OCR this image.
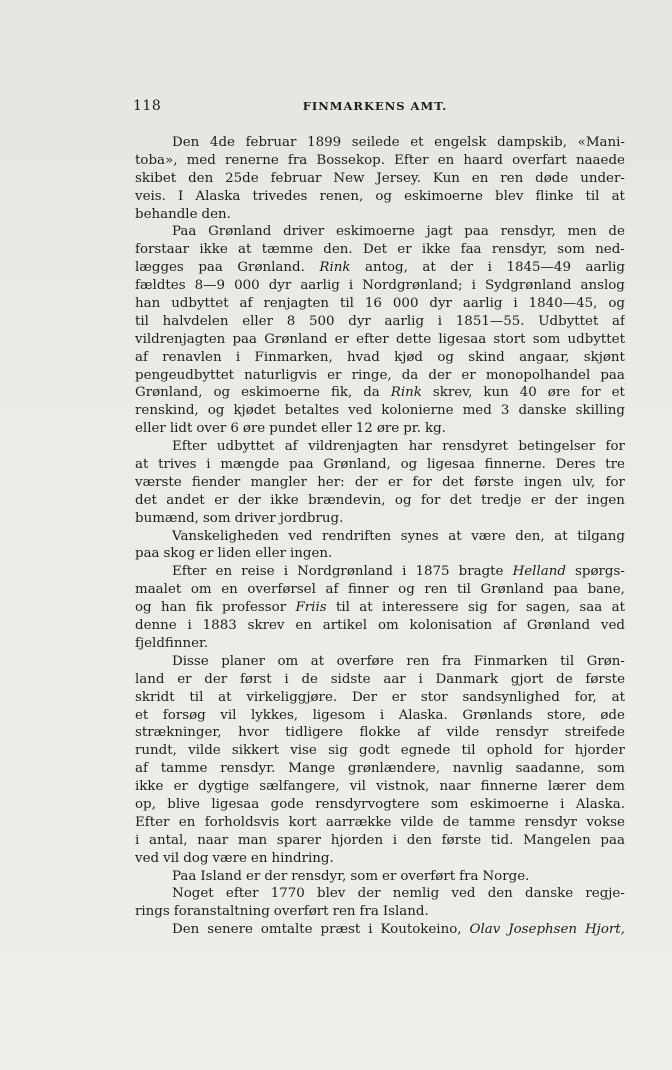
118	FINMARKENS AMT.
Den 4de februar 1899 seilede et engelsk dampskib, «Mani-
toba», med renerne fra Bossekop. Efter en haard overfart naaede
skibet den 25de februar New Jersey. Kun en ren døde under-
veis. I Alaska trivedes renen, og eskimoerne blev flinke til at
behandle den.
Paa Grønland driver eskimoerne jagt paa rensdyr, men de
forstaar ikke at tæmme den. Det er ikke faa rensdyr, som ned-
lægges paa Grønland. Rink antog, at der i 1845—49 aarlig
fældtes 8—9 000 dyr aarlig i Nordgrønland; i Sydgrønland anslog
han udbyttet af renjagten til 16 000 dyr aarlig i 1840—45, og
til halvdelen eller 8 500 dyr aarlig i 1851—55. Udbyttet af
vildrenjagten paa Grønland er efter dette ligesaa stort som udbyttet
af renavlen i Finmarken, hvad kjød og skind angaar, skjønt
pengeudbyttet naturligvis er ringe, da der er monopolhandel paa
Grønland, og eskimoerne fik, da Rink skrev, kun 40 øre for et
renskind, og kjødet betaltes ved kolonierne med 3 danske skilling
eller lidt over 6 øre pundet eller 12 øre pr. kg.
Efter udbyttet af vildrenjagten har rensdyret betingelser for
at trives i mængde paa Grønland, og ligesaa finnerne. Deres tre
værste fiender mangler her: der er for det første ingen ulv, for
det andet er der ikke brændevin, og for det tredje er der ingen
bumænd, som driver jordbrug.
Vanskeligheden ved rendriften synes at være den, at tilgang
paa skog er liden eller ingen.
Efter en reise i Nordgrønland i 1875 bragte Helland spørgs-
maalet om en overførsel af finner og ren til Grønland paa bane,
og han fik professor Friis til at interessere sig for sagen, saa at
denne i 1883 skrev en artikel om kolonisation af Grønland ved
fjeldfinner.
Disse planer om at overføre ren fra Finmarken til Grøn-
land er der først i de sidste aar i Danmark gjort de første
skridt til at virkeliggjøre. Der er stor sandsynlighed for, at
et forsøg vil lykkes, ligesom i Alaska. Grønlands store, øde
strækninger, hvor tidligere flokke af vilde rensdyr streifede
rundt, vilde sikkert vise sig godt egnede til ophold for hjorder
af tamme rensdyr. Mange grønlændere, navnlig saadanne, som
ikke er dygtige sælfangere, vil vistnok, naar finnerne lærer dem
op, blive ligesaa gode rensdyrvogtere som eskimoerne i Alaska.
Efter en forholdsvis kort aarrække vilde de tamme rensdyr vokse
i antal, naar man sparer hjorden i den første tid. Mangelen paa
ved vil dog være en hindring.
Paa Island er der rensdyr, som er overført fra Norge.
Noget efter 1770 blev der nemlig ved den danske regje-
rings foranstaltning overført ren fra Island.
Den senere omtalte præst i Koutokeino, Olav Josephsen Hjort,
